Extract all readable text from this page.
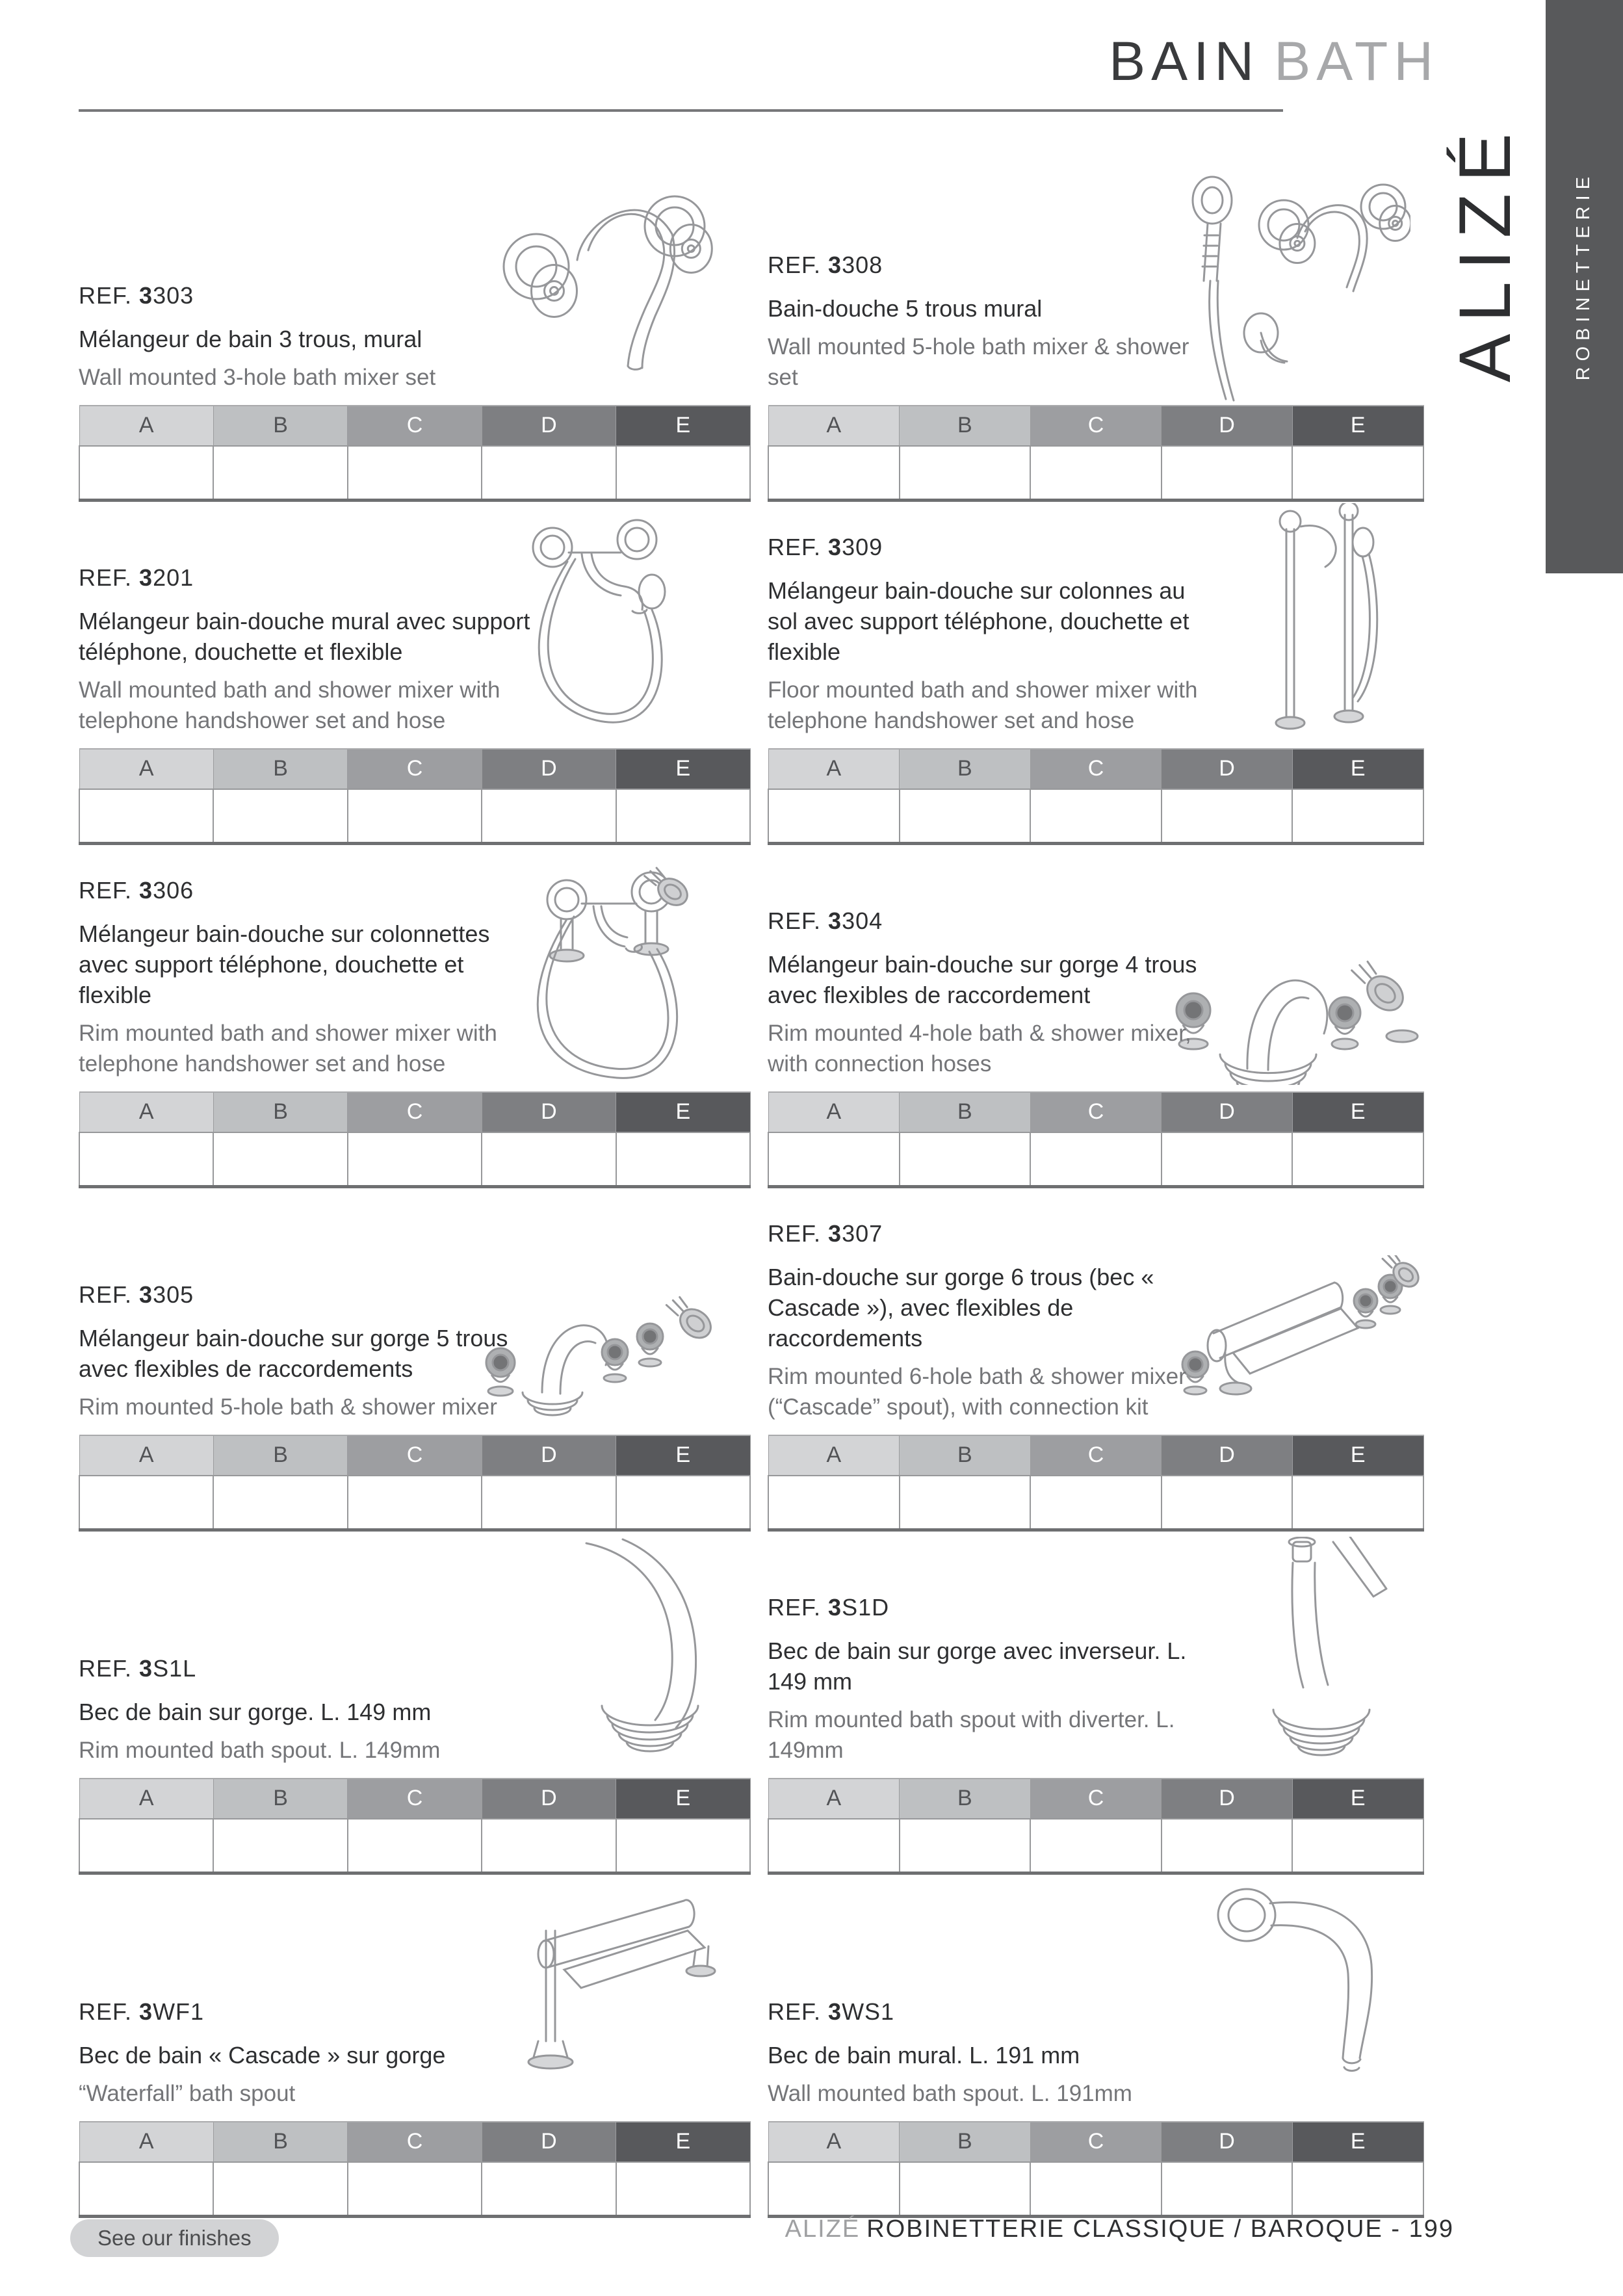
BAIN BATH
ROBINETTERIE
ALIZÉ
REF. 3303
Mélangeur de bain 3 trous, mural
Wall mounted 3-hole bath mixer set
A	B	C	D	E

REF. 3308
Bain-douche 5 trous mural
Wall mounted 5-hole bath mixer & shower set
A	B	C	D	E

REF. 3201
Mélangeur bain-douche mural avec support téléphone, douchette et flexible
Wall mounted bath and shower mixer with telephone handshower set and hose
A	B	C	D	E

REF. 3309
Mélangeur bain-douche sur colonnes au sol avec support téléphone, douchette et flexible
Floor mounted bath and shower mixer with telephone handshower set and hose
A	B	C	D	E

REF. 3306
Mélangeur bain-douche sur colonnettes avec support téléphone, douchette et flexible
Rim mounted bath and shower mixer with telephone handshower set and hose
A	B	C	D	E

REF. 3304
Mélangeur bain-douche sur gorge 4 trous avec flexibles de raccordement
Rim mounted 4-hole bath & shower mixer, with connection hoses
A	B	C	D	E

REF. 3305
Mélangeur bain-douche sur gorge 5 trous avec flexibles de raccordements
Rim mounted 5-hole bath & shower mixer
A	B	C	D	E

REF. 3307
Bain-douche sur gorge 6 trous (bec « Cascade »), avec flexibles de raccordements
Rim mounted 6-hole bath & shower mixer (“Cascade” spout), with connection kit
A	B	C	D	E

REF. 3S1L
Bec de bain sur gorge. L. 149 mm
Rim mounted bath spout. L. 149mm
A	B	C	D	E

REF. 3S1D
Bec de bain sur gorge avec inverseur. L. 149 mm
Rim mounted bath spout with diverter. L. 149mm
A	B	C	D	E

REF. 3WF1
Bec de bain « Cascade » sur gorge
“Waterfall” bath spout
A	B	C	D	E

REF. 3WS1
Bec de bain mural. L. 191 mm
Wall mounted bath spout. L. 191mm
A	B	C	D	E

See our finishes	ALIZÉ ROBINETTERIE CLASSIQUE / BAROQUE - 199
